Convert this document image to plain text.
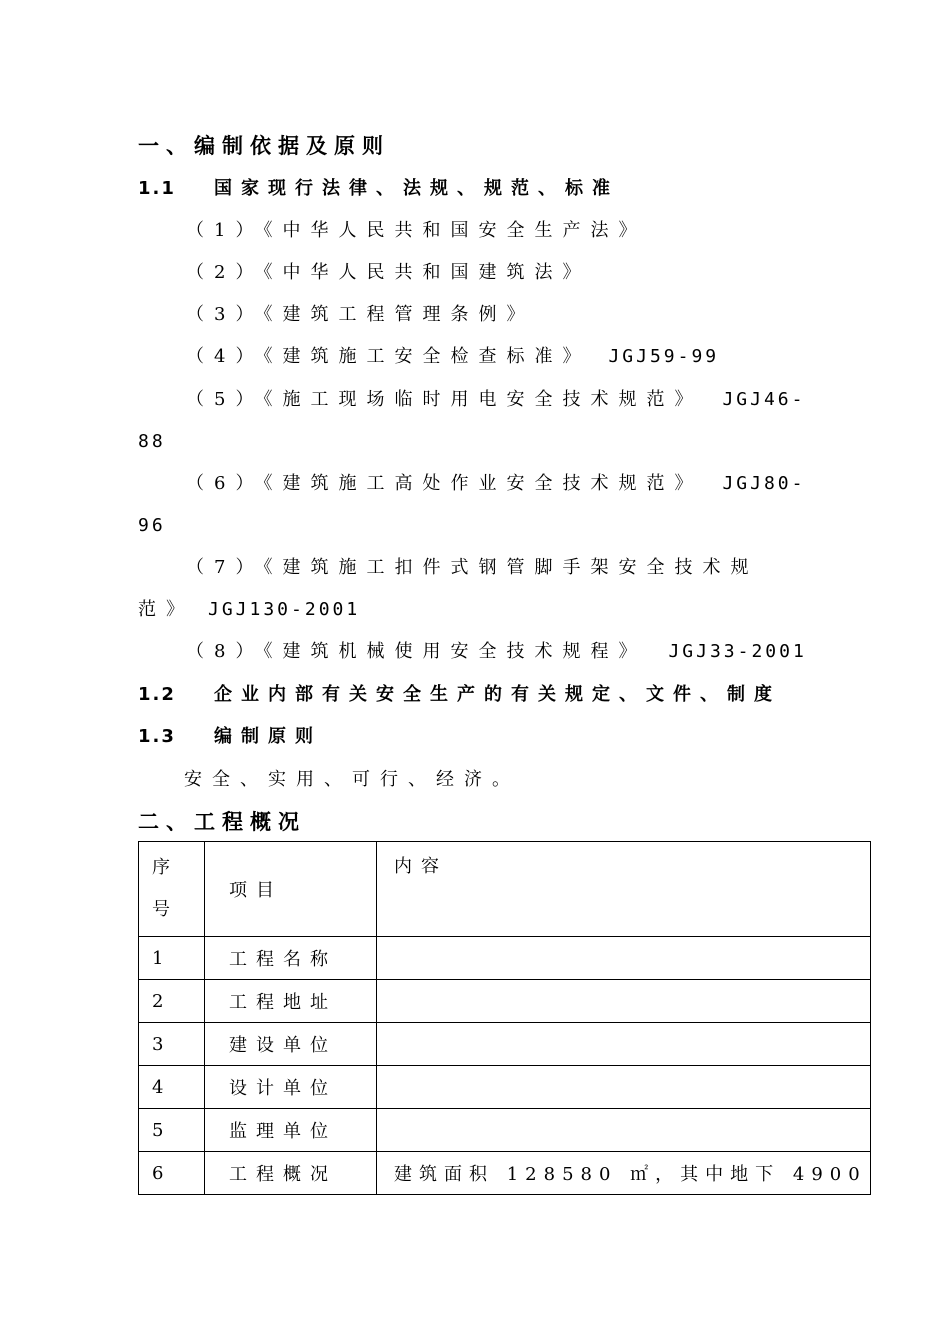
一、编制依据及原则
1.1 国家现行法律、法规、规范、标准
（1）《中华人民共和国安全生产法》
（2）《中华人民共和国建筑法》
（3）《建筑工程管理条例》
（4）《建筑施工安全检查标准》 JGJ59-99
（5）《施工现场临时用电安全技术规范》 JGJ46-
88
（6）《建筑施工高处作业安全技术规范》 JGJ80-
96
（7）《建筑施工扣件式钢管脚手架安全技术规
范》 JGJ130-2001
（8）《建筑机械使用安全技术规程》 JGJ33-2001
1.2 企业内部有关安全生产的有关规定、文件、制度
1.3 编制原则
安全、实用、可行、经济。
二、工程概况
序
号	项目	内容
1	工程名称	
2	工程地址	
3	建设单位	
4	设计单位	
5	监理单位	
6	工程概况	建筑面积 128580 ㎡，其中地下 4900
